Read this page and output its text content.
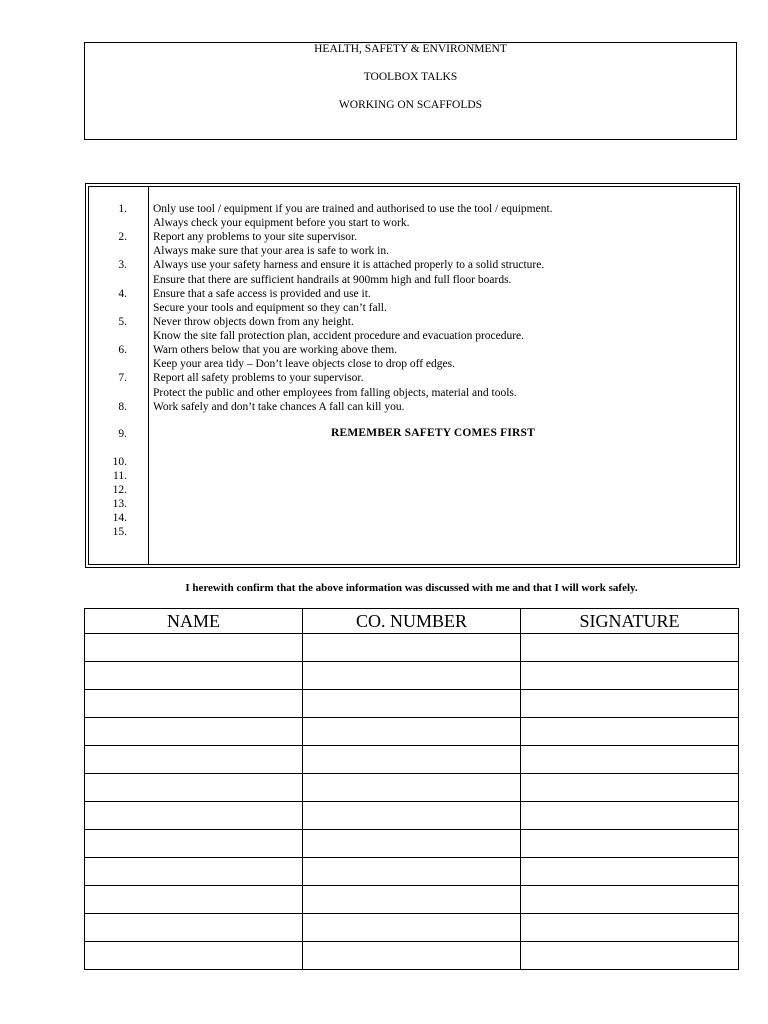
HEALTH, SAFETY & ENVIRONMENT
TOOLBOX TALKS
WORKING ON SCAFFOLDS
1.
2.
3.
4.
5.
6.
7.
8.
9.
10.
11.
12.
13.
14.
15.
Only use tool / equipment if you are trained and authorised to use the tool / equipment.
Always check your equipment before you start to work.
Report any problems to your site supervisor.
Always make sure that your area is safe to work in.
Always use your safety harness and ensure it is attached properly to a solid structure.
Ensure that there are sufficient handrails at 900mm high and full floor boards.
Ensure that a safe access is provided and use it.
Secure your tools and equipment so they can’t fall.
Never throw objects down from any height.
Know the site fall protection plan, accident procedure and evacuation procedure.
Warn others below that you are working above them.
Keep your area tidy – Don’t leave objects close to drop off edges.
Report all safety problems to your supervisor.
Protect the public and other employees from falling objects, material and tools.
Work safely and don’t take chances A fall can kill you.
REMEMBER SAFETY COMES FIRST
I herewith confirm that the above information was discussed with me and that I will work safely.
NAME	CO. NUMBER	SIGNATURE
